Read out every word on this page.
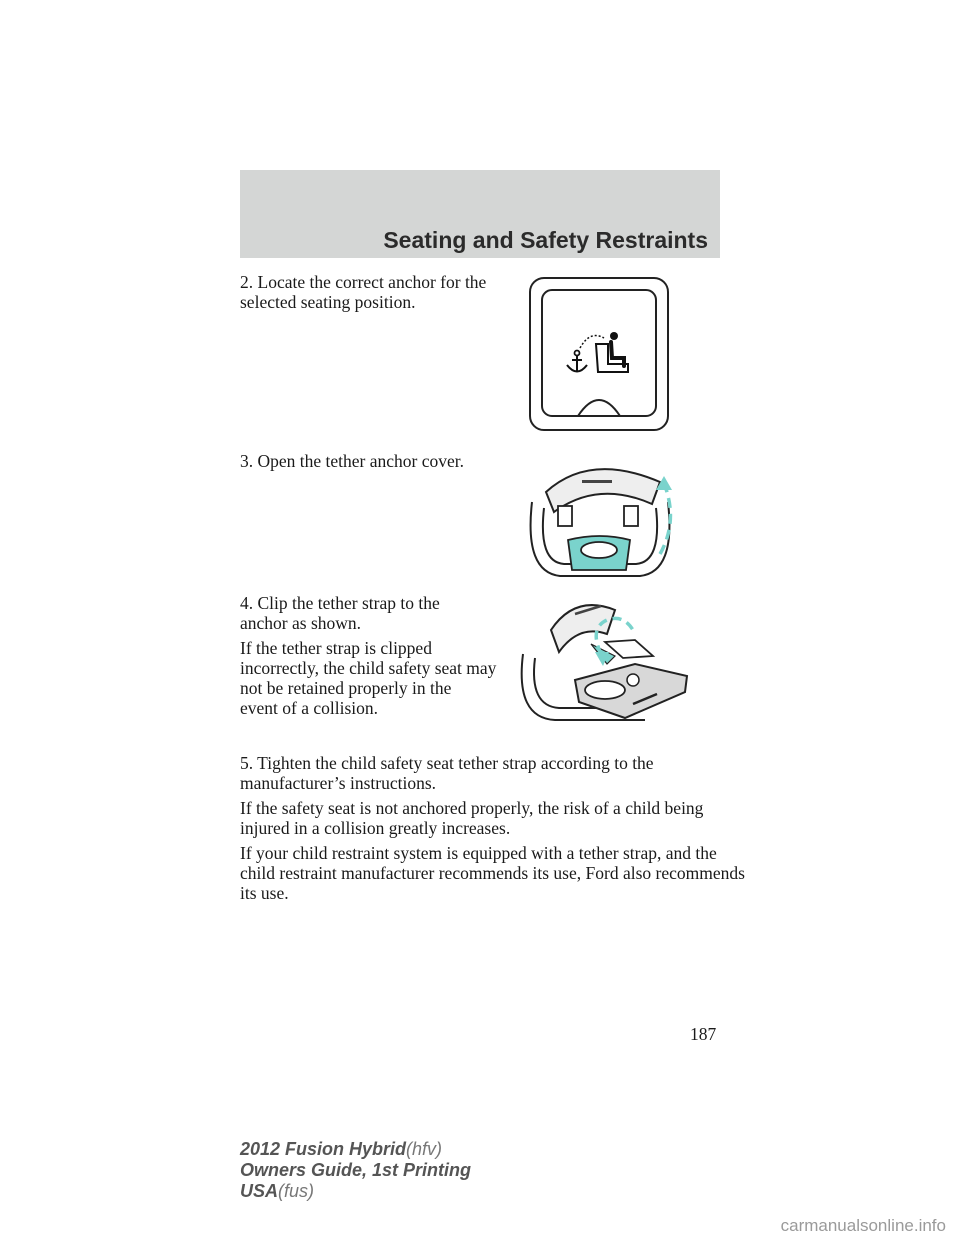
Seating and Safety Restraints

2. Locate the correct anchor for the
selected seating position.

3. Open the tether anchor cover.

4. Clip the tether strap to the
anchor as shown.

If the tether strap is clipped
incorrectly, the child safety seat may
not be retained properly in the
event of a collision.

5. Tighten the child safety seat tether strap according to the
manufacturer’s instructions.

If the safety seat is not anchored properly, the risk of a child being
injured in a collision greatly increases.

If your child restraint system is equipped with a tether strap, and the
child restraint manufacturer recommends its use, Ford also recommends
its use.

187
2012 Fusion Hybrid(hfv)
Owners Guide, 1st Printing
USA(fus)
carmanualsonline.info
